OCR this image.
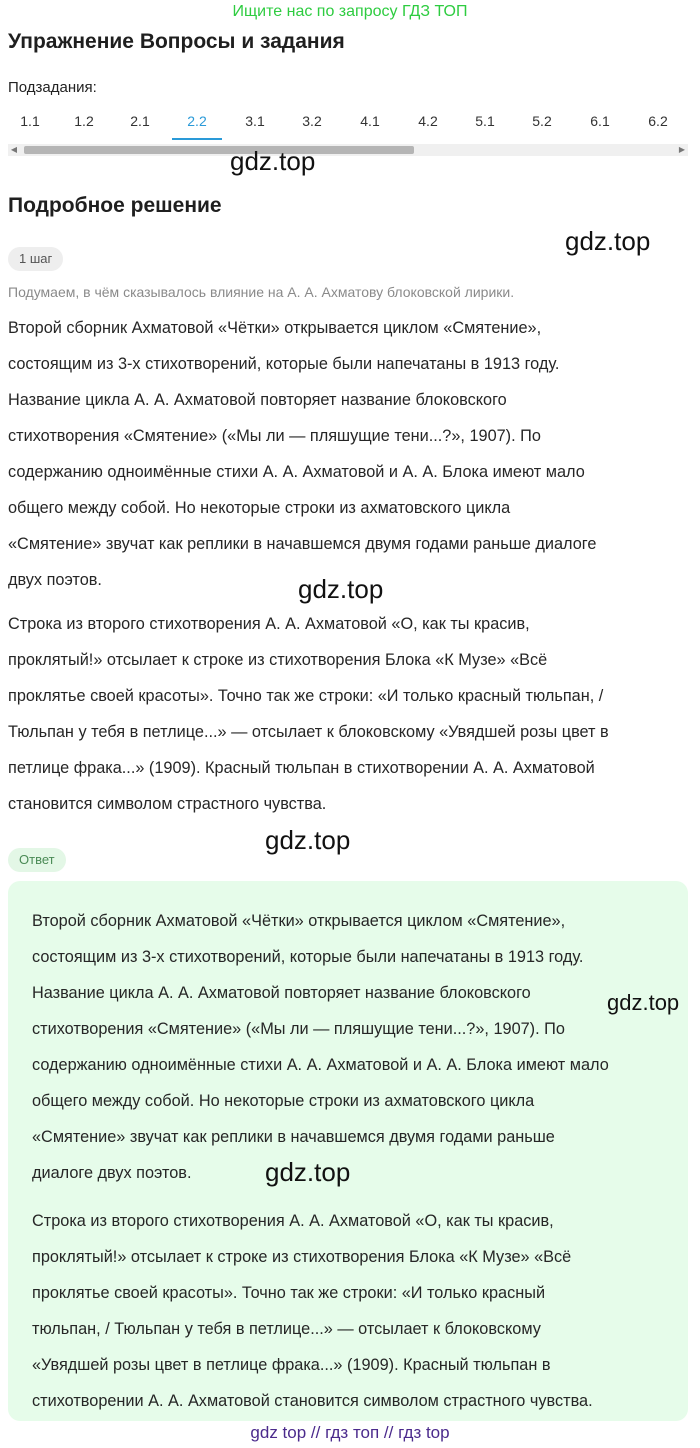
Ищите нас по запросу ГДЗ ТОП
Упражнение Вопросы и задания
Подзадания:
1.1	1.2	2.1	2.2	3.1	3.2	4.1	4.2	5.1	5.2	6.1	6.2
◀	▶
gdz.top
Подробное решение
gdz.top
1 шаг
Подумаем, в чём сказывалось влияние на А. А. Ахматову блоковской лирики.

Второй сборник Ахматовой «Чётки» открывается циклом «Смятение»,
состоящим из 3-х стихотворений, которые были напечатаны в 1913 году.
Название цикла А. А. Ахматовой повторяет название блоковского
стихотворения «Смятение» («Мы ли — пляшущие тени...?», 1907). По
содержанию одноимённые стихи А. А. Ахматовой и А. А. Блока имеют мало
общего между собой. Но некоторые строки из ахматовского цикла
«Смятение» звучат как реплики в начавшемся двумя годами раньше диалоге
двух поэтов.	gdz.top

Строка из второго стихотворения А. А. Ахматовой «О, как ты красив,
проклятый!» отсылает к строке из стихотворения Блока «К Музе» «Всё
проклятье своей красоты». Точно так же строки: «И только красный тюльпан, /
Тюльпан у тебя в петлице...» — отсылает к блоковскому «Увядшей розы цвет в
петлице фрака...» (1909). Красный тюльпан в стихотворении А. А. Ахматовой
становится символом страстного чувства.

gdz.top
Ответ

Второй сборник Ахматовой «Чётки» открывается циклом «Смятение»,
состоящим из 3-х стихотворений, которые были напечатаны в 1913 году.
Название цикла А. А. Ахматовой повторяет название блоковского
стихотворения «Смятение» («Мы ли — пляшущие тени...?», 1907). По
содержанию одноимённые стихи А. А. Ахматовой и А. А. Блока имеют мало
общего между собой. Но некоторые строки из ахматовского цикла
«Смятение» звучат как реплики в начавшемся двумя годами раньше
диалоге двух поэтов.

Строка из второго стихотворения А. А. Ахматовой «О, как ты красив,
проклятый!» отсылает к строке из стихотворения Блока «К Музе» «Всё
проклятье своей красоты». Точно так же строки: «И только красный
тюльпан, / Тюльпан у тебя в петлице...» — отсылает к блоковскому
«Увядшей розы цвет в петлице фрака...» (1909). Красный тюльпан в
стихотворении А. А. Ахматовой становится символом страстного чувства.

gdz.top
gdz.top
gdz top // гдз топ // гдз top
